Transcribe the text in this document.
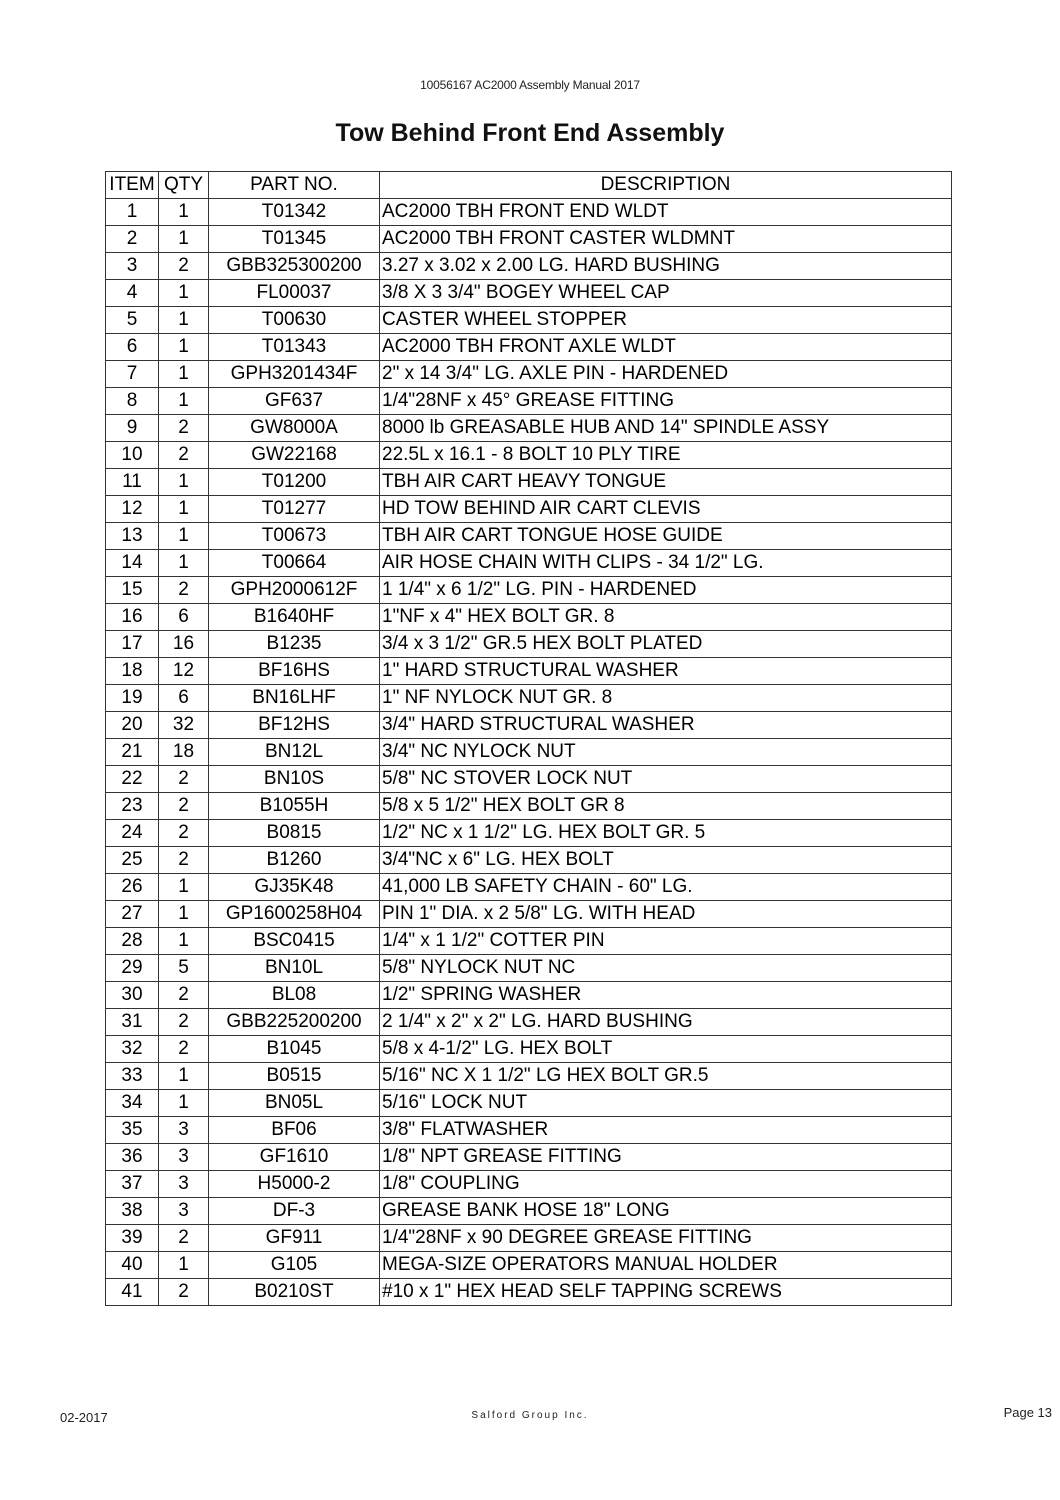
10056167 AC2000 Assembly Manual 2017
Tow Behind Front End Assembly
ITEM	QTY	PART NO.	DESCRIPTION
1	1	T01342	AC2000 TBH FRONT END WLDT
2	1	T01345	AC2000 TBH FRONT CASTER WLDMNT
3	2	GBB325300200	3.27 x 3.02 x 2.00 LG. HARD BUSHING
4	1	FL00037	3/8 X 3 3/4" BOGEY WHEEL CAP
5	1	T00630	CASTER WHEEL STOPPER
6	1	T01343	AC2000 TBH FRONT AXLE WLDT
7	1	GPH3201434F	2" x 14 3/4" LG. AXLE PIN - HARDENED
8	1	GF637	1/4"28NF x 45° GREASE FITTING
9	2	GW8000A	8000 lb GREASABLE HUB AND 14" SPINDLE ASSY
10	2	GW22168	22.5L x 16.1 - 8 BOLT 10 PLY TIRE
11	1	T01200	TBH AIR CART HEAVY TONGUE
12	1	T01277	HD TOW BEHIND AIR CART CLEVIS
13	1	T00673	TBH AIR CART TONGUE HOSE GUIDE
14	1	T00664	AIR HOSE CHAIN WITH CLIPS - 34 1/2" LG.
15	2	GPH2000612F	1 1/4" x 6 1/2" LG. PIN - HARDENED
16	6	B1640HF	1"NF x 4" HEX BOLT GR. 8
17	16	B1235	3/4 x 3 1/2" GR.5 HEX BOLT PLATED
18	12	BF16HS	1" HARD STRUCTURAL WASHER
19	6	BN16LHF	1" NF NYLOCK NUT GR. 8
20	32	BF12HS	3/4" HARD STRUCTURAL WASHER
21	18	BN12L	3/4" NC NYLOCK NUT
22	2	BN10S	5/8" NC STOVER LOCK NUT
23	2	B1055H	5/8 x 5 1/2" HEX BOLT GR 8
24	2	B0815	1/2" NC x 1 1/2" LG. HEX BOLT GR. 5
25	2	B1260	3/4"NC x 6" LG. HEX BOLT
26	1	GJ35K48	41,000 LB SAFETY CHAIN - 60" LG.
27	1	GP1600258H04	PIN 1" DIA. x 2 5/8" LG. WITH HEAD
28	1	BSC0415	1/4" x 1 1/2" COTTER PIN
29	5	BN10L	5/8" NYLOCK NUT NC
30	2	BL08	1/2" SPRING WASHER
31	2	GBB225200200	2 1/4" x 2" x 2" LG. HARD BUSHING
32	2	B1045	5/8 x 4-1/2" LG. HEX BOLT
33	1	B0515	5/16" NC X 1 1/2" LG HEX BOLT GR.5
34	1	BN05L	5/16" LOCK NUT
35	3	BF06	3/8" FLATWASHER
36	3	GF1610	1/8" NPT GREASE FITTING
37	3	H5000-2	1/8" COUPLING
38	3	DF-3	GREASE BANK HOSE 18" LONG
39	2	GF911	1/4"28NF x 90 DEGREE GREASE FITTING
40	1	G105	MEGA-SIZE OPERATORS MANUAL HOLDER
41	2	B0210ST	#10 x 1" HEX HEAD SELF TAPPING SCREWS
02-2017	Salford Group Inc.	Page 13
